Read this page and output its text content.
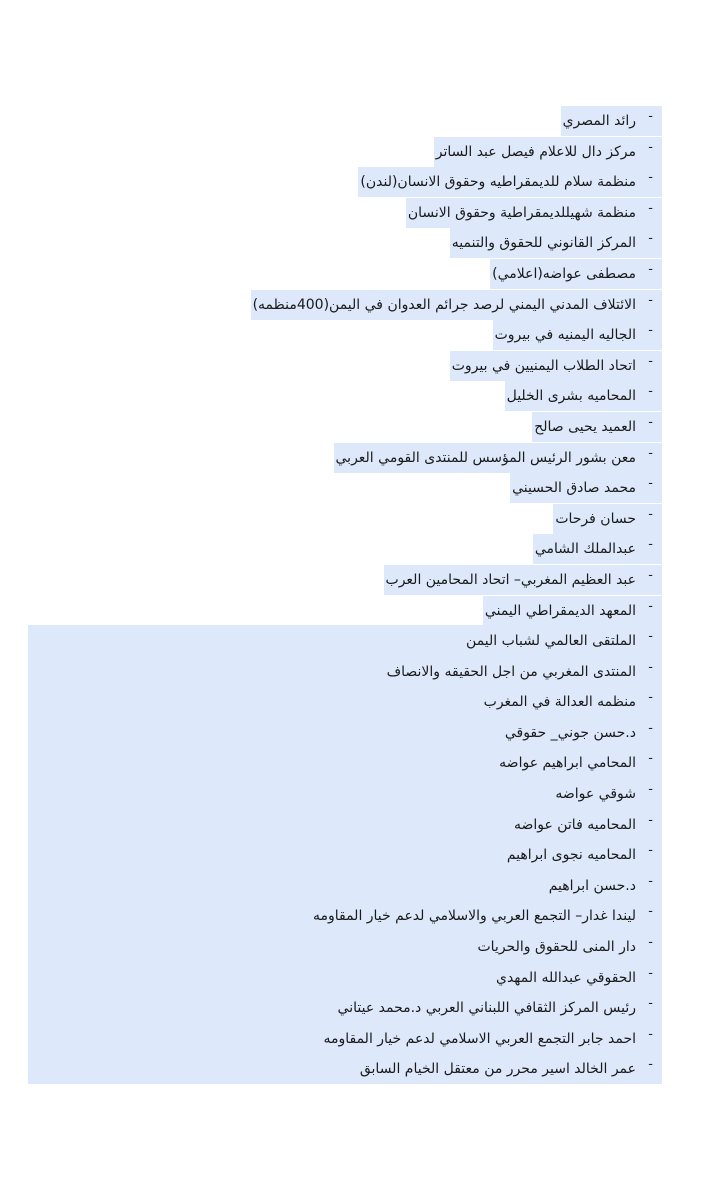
-
رائد المصري
-
مركز دال للاعلام فيصل عبد الساتر
-
منظمة سلام للديمقراطيه وحقوق الانسان(لندن)
-
منظمة شهيللديمقراطية وحقوق الانسان
-
المركز القانوني للحقوق والتنميه
-
مصطفى عواضه(اعلامي)
-
الائتلاف المدني اليمني لرصد جرائم العدوان في اليمن(400منظمه)
-
الجاليه اليمنيه في بيروت
-
اتحاد الطلاب اليمنيين في بيروت
-
المحاميه بشرى الخليل
-
العميد يحيى صالح
-
معن بشور الرئيس المؤسس للمنتدى القومي العربي
-
محمد صادق الحسيني
-
حسان فرحات
-
عبدالملك الشامي
-
عبد العظيم المغربي– اتحاد المحامين العرب
-
المعهد الديمقراطي اليمني
-
الملتقى العالمي لشباب اليمن
-
المنتدى المغربي من اجل الحقيقه والانصاف
-
منظمه العدالة في المغرب
-
د.حسن جوني_ حقوقي
-
المحامي ابراهيم عواضه
-
شوقي عواضه
-
المحاميه فاتن عواضه
-
المحاميه نجوى ابراهيم
-
د.حسن ابراهيم
-
ليندا غدار– التجمع العربي والاسلامي لدعم خيار المقاومه
-
دار المنى للحقوق والحريات
-
الحقوقي عبدالله المهدي
-
رئيس المركز الثقافي اللبناني العربي د.محمد عيتاني
-
احمد جابر التجمع العربي الاسلامي لدعم خيار المقاومه
-
عمر الخالد اسير محرر من معتقل الخيام السابق
